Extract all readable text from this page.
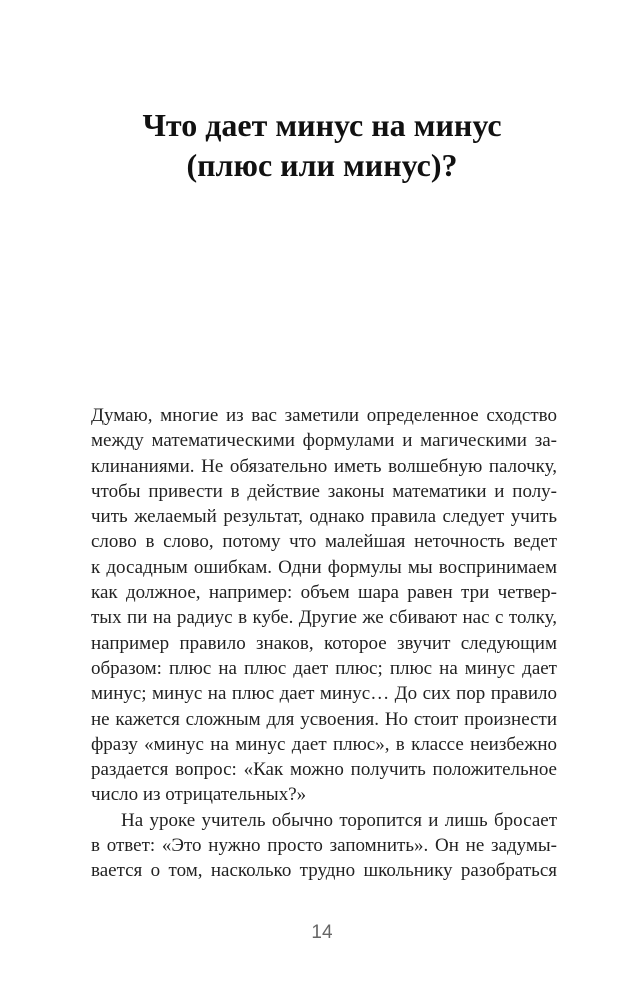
Что дает минус на минус
(плюс или минус)?

Думаю, многие из вас заметили определенное сходство
между математическими формулами и магическими за-
клинаниями. Не обязательно иметь волшебную палочку,
чтобы привести в действие законы математики и полу-
чить желаемый результат, однако правила следует учить
слово в слово, потому что малейшая неточность ведет
к досадным ошибкам. Одни формулы мы воспринимаем
как должное, например: объем шара равен три четвер-
тых пи на радиус в кубе. Другие же сбивают нас с толку,
например правило знаков, которое звучит следующим
образом: плюс на плюс дает плюс; плюс на минус дает
минус; минус на плюс дает минус… До сих пор правило
не кажется сложным для усвоения. Но стоит произнести
фразу «минус на минус дает плюс», в классе неизбежно
раздается вопрос: «Как можно получить положительное
число из отрицательных?»

На уроке учитель обычно торопится и лишь бросает
в ответ: «Это нужно просто запомнить». Он не задумы-
вается о том, насколько трудно школьнику разобраться

14
